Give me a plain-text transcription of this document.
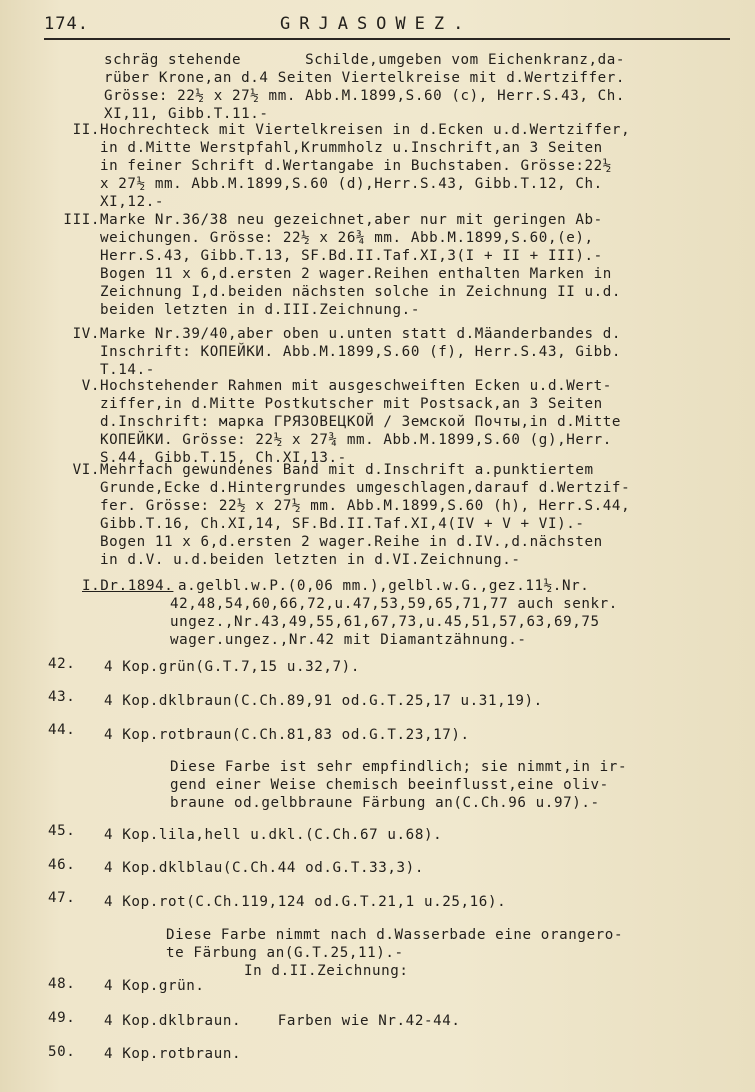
174.	GRJASOWEZ.
schräg stehende       Schilde,umgeben vom Eichenkranz,da-
rüber Krone,an d.4 Seiten Viertelkreise mit d.Wertziffer.
Grösse: 22½ x 27½ mm. Abb.M.1899,S.60 (c), Herr.S.43, Ch.
XI,11, Gibb.T.11.-
II. Hochrechteck mit Viertelkreisen in d.Ecken u.d.Wertziffer,
in d.Mitte Werstpfahl,Krummholz u.Inschrift,an 3 Seiten
in feiner Schrift d.Wertangabe in Buchstaben. Grösse:22½
x 27½ mm. Abb.M.1899,S.60 (d),Herr.S.43, Gibb.T.12, Ch.
XI,12.-
III. Marke Nr.36/38 neu gezeichnet,aber nur mit geringen Ab-
weichungen. Grösse: 22½ x 26¾ mm. Abb.M.1899,S.60,(e),
Herr.S.43, Gibb.T.13, SF.Bd.II.Taf.XI,3(I + II + III).-
Bogen 11 x 6,d.ersten 2 wager.Reihen enthalten Marken in
Zeichnung I,d.beiden nächsten solche in Zeichnung II u.d.
beiden letzten in d.III.Zeichnung.-
IV. Marke Nr.39/40,aber oben u.unten statt d.Mäanderbandes d.
Inschrift: КОПЕЙКИ. Abb.M.1899,S.60 (f), Herr.S.43, Gibb.
T.14.-
V. Hochstehender Rahmen mit ausgeschweiften Ecken u.d.Wert-
ziffer,in d.Mitte Postkutscher mit Postsack,an 3 Seiten
d.Inschrift: марка ГРЯЗОВЕЦКОЙ / Земской Почты,in d.Mitte
КОПЕЙКИ. Grösse: 22½ x 27¾ mm. Abb.M.1899,S.60 (g),Herr.
S.44, Gibb.T.15, Ch.XI,13.-
VI. Mehrfach gewundenes Band mit d.Inschrift a.punktiertem
Grunde,Ecke d.Hintergrundes umgeschlagen,darauf d.Wertzif-
fer. Grösse: 22½ x 27½ mm. Abb.M.1899,S.60 (h), Herr.S.44,
Gibb.T.16, Ch.XI,14, SF.Bd.II.Taf.XI,4(IV + V + VI).-
Bogen 11 x 6,d.ersten 2 wager.Reihe in d.IV.,d.nächsten
in d.V. u.d.beiden letzten in d.VI.Zeichnung.-
I.Dr.1894. a.gelbl.w.P.(0,06 mm.),gelbl.w.G.,gez.11½.Nr.
42,48,54,60,66,72,u.47,53,59,65,71,77 auch senkr.
ungez.,Nr.43,49,55,61,67,73,u.45,51,57,63,69,75
wager.ungez.,Nr.42 mit Diamantzähnung.-
42. 4 Kop.grün(G.T.7,15 u.32,7).
43. 4 Kop.dklbraun(C.Ch.89,91 od.G.T.25,17 u.31,19).
44. 4 Kop.rotbraun(C.Ch.81,83 od.G.T.23,17).
Diese Farbe ist sehr empfindlich; sie nimmt,in ir-
gend einer Weise chemisch beeinflusst,eine oliv-
braune od.gelbbraune Färbung an(C.Ch.96 u.97).-
45. 4 Kop.lila,hell u.dkl.(C.Ch.67 u.68).
46. 4 Kop.dklblau(C.Ch.44 od.G.T.33,3).
47. 4 Kop.rot(C.Ch.119,124 od.G.T.21,1 u.25,16).
Diese Farbe nimmt nach d.Wasserbade eine orangero-
te Färbung an(G.T.25,11).-
In d.II.Zeichnung:
48. 4 Kop.grün.
49. 4 Kop.dklbraun.    Farben wie Nr.42-44.
50. 4 Kop.rotbraun.
